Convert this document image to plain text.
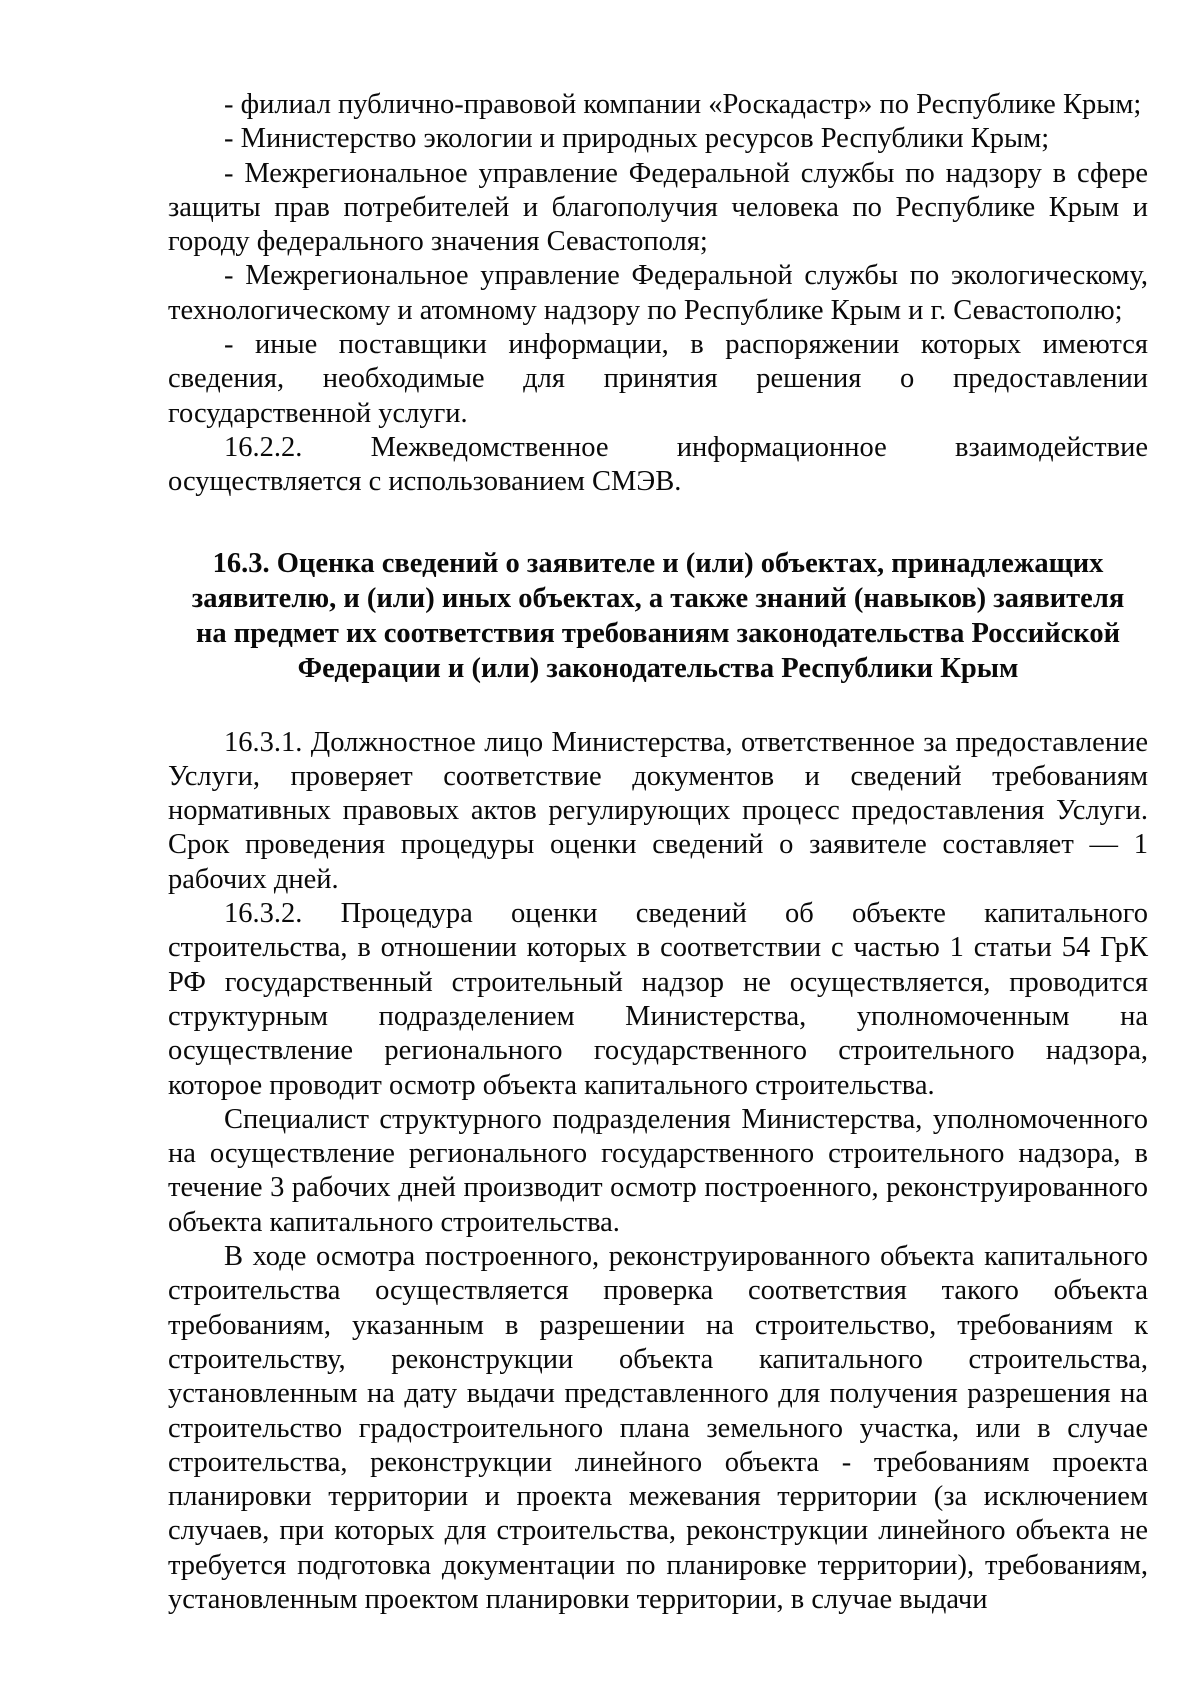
- филиал публично-правовой компании «Роскадастр» по Республике Крым;

- Министерство экологии и природных ресурсов Республики Крым;

- Межрегиональное управление Федеральной службы по надзору в сфере защиты прав потребителей и благополучия человека по Республике Крым и городу федерального значения Севастополя;

- Межрегиональное управление Федеральной службы по экологическому, технологическому и атомному надзору по Республике Крым и г. Севастополю;

- иные поставщики информации, в распоряжении которых имеются сведения, необходимые для принятия решения о предоставлении государственной услуги.

16.2.2. Межведомственное информационное взаимодействие осуществляется с использованием СМЭВ.

16.3. Оценка сведений о заявителе и (или) объектах, принадлежащих
заявителю, и (или) иных объектах, а также знаний (навыков) заявителя
на предмет их соответствия требованиям законодательства Российской
Федерации и (или) законодательства Республики Крым

16.3.1. Должностное лицо Министерства, ответственное за предоставление Услуги, проверяет соответствие документов и сведений требованиям нормативных правовых актов регулирующих процесс предоставления Услуги. Срок проведения процедуры оценки сведений о заявителе составляет — 1 рабочих дней.

16.3.2. Процедура оценки сведений об объекте капитального строительства, в отношении которых в соответствии с частью 1 статьи 54 ГрК РФ государственный строительный надзор не осуществляется, проводится структурным подразделением Министерства, уполномоченным на осуществление регионального государственного строительного надзора, которое проводит осмотр объекта капитального строительства.

Специалист структурного подразделения Министерства, уполномоченного на осуществление регионального государственного строительного надзора, в течение 3 рабочих дней производит осмотр построенного, реконструированного объекта капитального строительства.

В ходе осмотра построенного, реконструированного объекта капитального строительства осуществляется проверка соответствия такого объекта требованиям, указанным в разрешении на строительство, требованиям к строительству, реконструкции объекта капитального строительства, установленным на дату выдачи представленного для получения разрешения на строительство градостроительного плана земельного участка, или в случае строительства, реконструкции линейного объекта - требованиям проекта планировки территории и проекта межевания территории (за исключением случаев, при которых для строительства, реконструкции линейного объекта не требуется подготовка документации по планировке территории), требованиям, установленным проектом планировки территории, в случае выдачи
